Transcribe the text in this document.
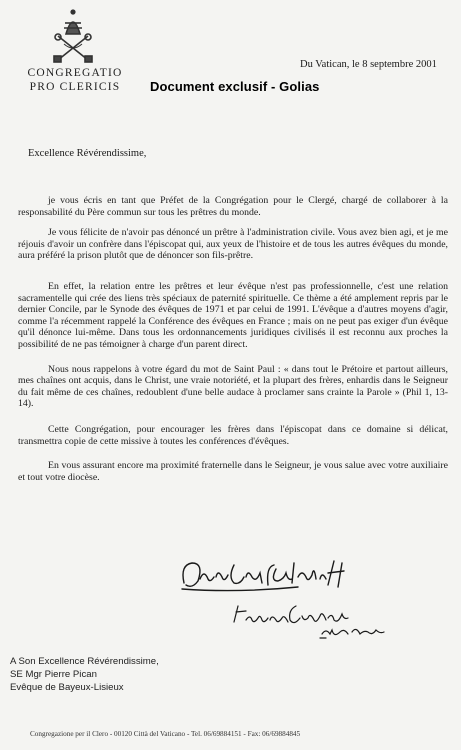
CONGREGATIO
PRO CLERICIS
Du Vatican, le 8 septembre 2001
Document exclusif - Golias
Excellence Révérendissime,

je vous écris en tant que Préfet de la Congrégation pour le Clergé, chargé de collaborer à la responsabilité du Père commun sur tous les prêtres du monde.

Je vous félicite de n'avoir pas dénoncé un prêtre à l'administration civile. Vous avez bien agi, et je me réjouis d'avoir un confrère dans l'épiscopat qui, aux yeux de l'histoire et de tous les autres évêques du monde, aura préféré la prison plutôt que de dénoncer son fils-prêtre.

En effet, la relation entre les prêtres et leur évêque n'est pas professionnelle, c'est une relation sacramentelle qui crée des liens très spéciaux de paternité spirituelle. Ce thème a été amplement repris par le dernier Concile, par le Synode des évêques de 1971 et par celui de 1991. L'évêque a d'autres moyens d'agir, comme l'a récemment rappelé la Conférence des évêques en France ; mais on ne peut pas exiger d'un évêque qu'il dénonce lui-même. Dans tous les ordonnancements juridiques civilisés il est reconnu aux proches la possibilité de ne pas témoigner à charge d'un parent direct.

Nous nous rappelons à votre égard du mot de Saint Paul : « dans tout le Prétoire et partout ailleurs, mes chaînes ont acquis, dans le Christ, une vraie notoriété, et la plupart des frères, enhardis dans le Seigneur du fait même de ces chaînes, redoublent d'une belle audace à proclamer sans crainte la Parole » (Phil 1, 13-14).

Cette Congrégation, pour encourager les frères dans l'épiscopat dans ce domaine si délicat, transmettra copie de cette missive à toutes les conférences d'évêques.

En vous assurant encore ma proximité fraternelle dans le Seigneur, je vous salue avec votre auxiliaire et tout votre diocèse.

A Son Excellence Révérendissime,
SE Mgr Pierre Pican
Evêque de Bayeux-Lisieux
Congregazione per il Clero - 00120 Città del Vaticano - Tel. 06/69884151 - Fax: 06/69884845
